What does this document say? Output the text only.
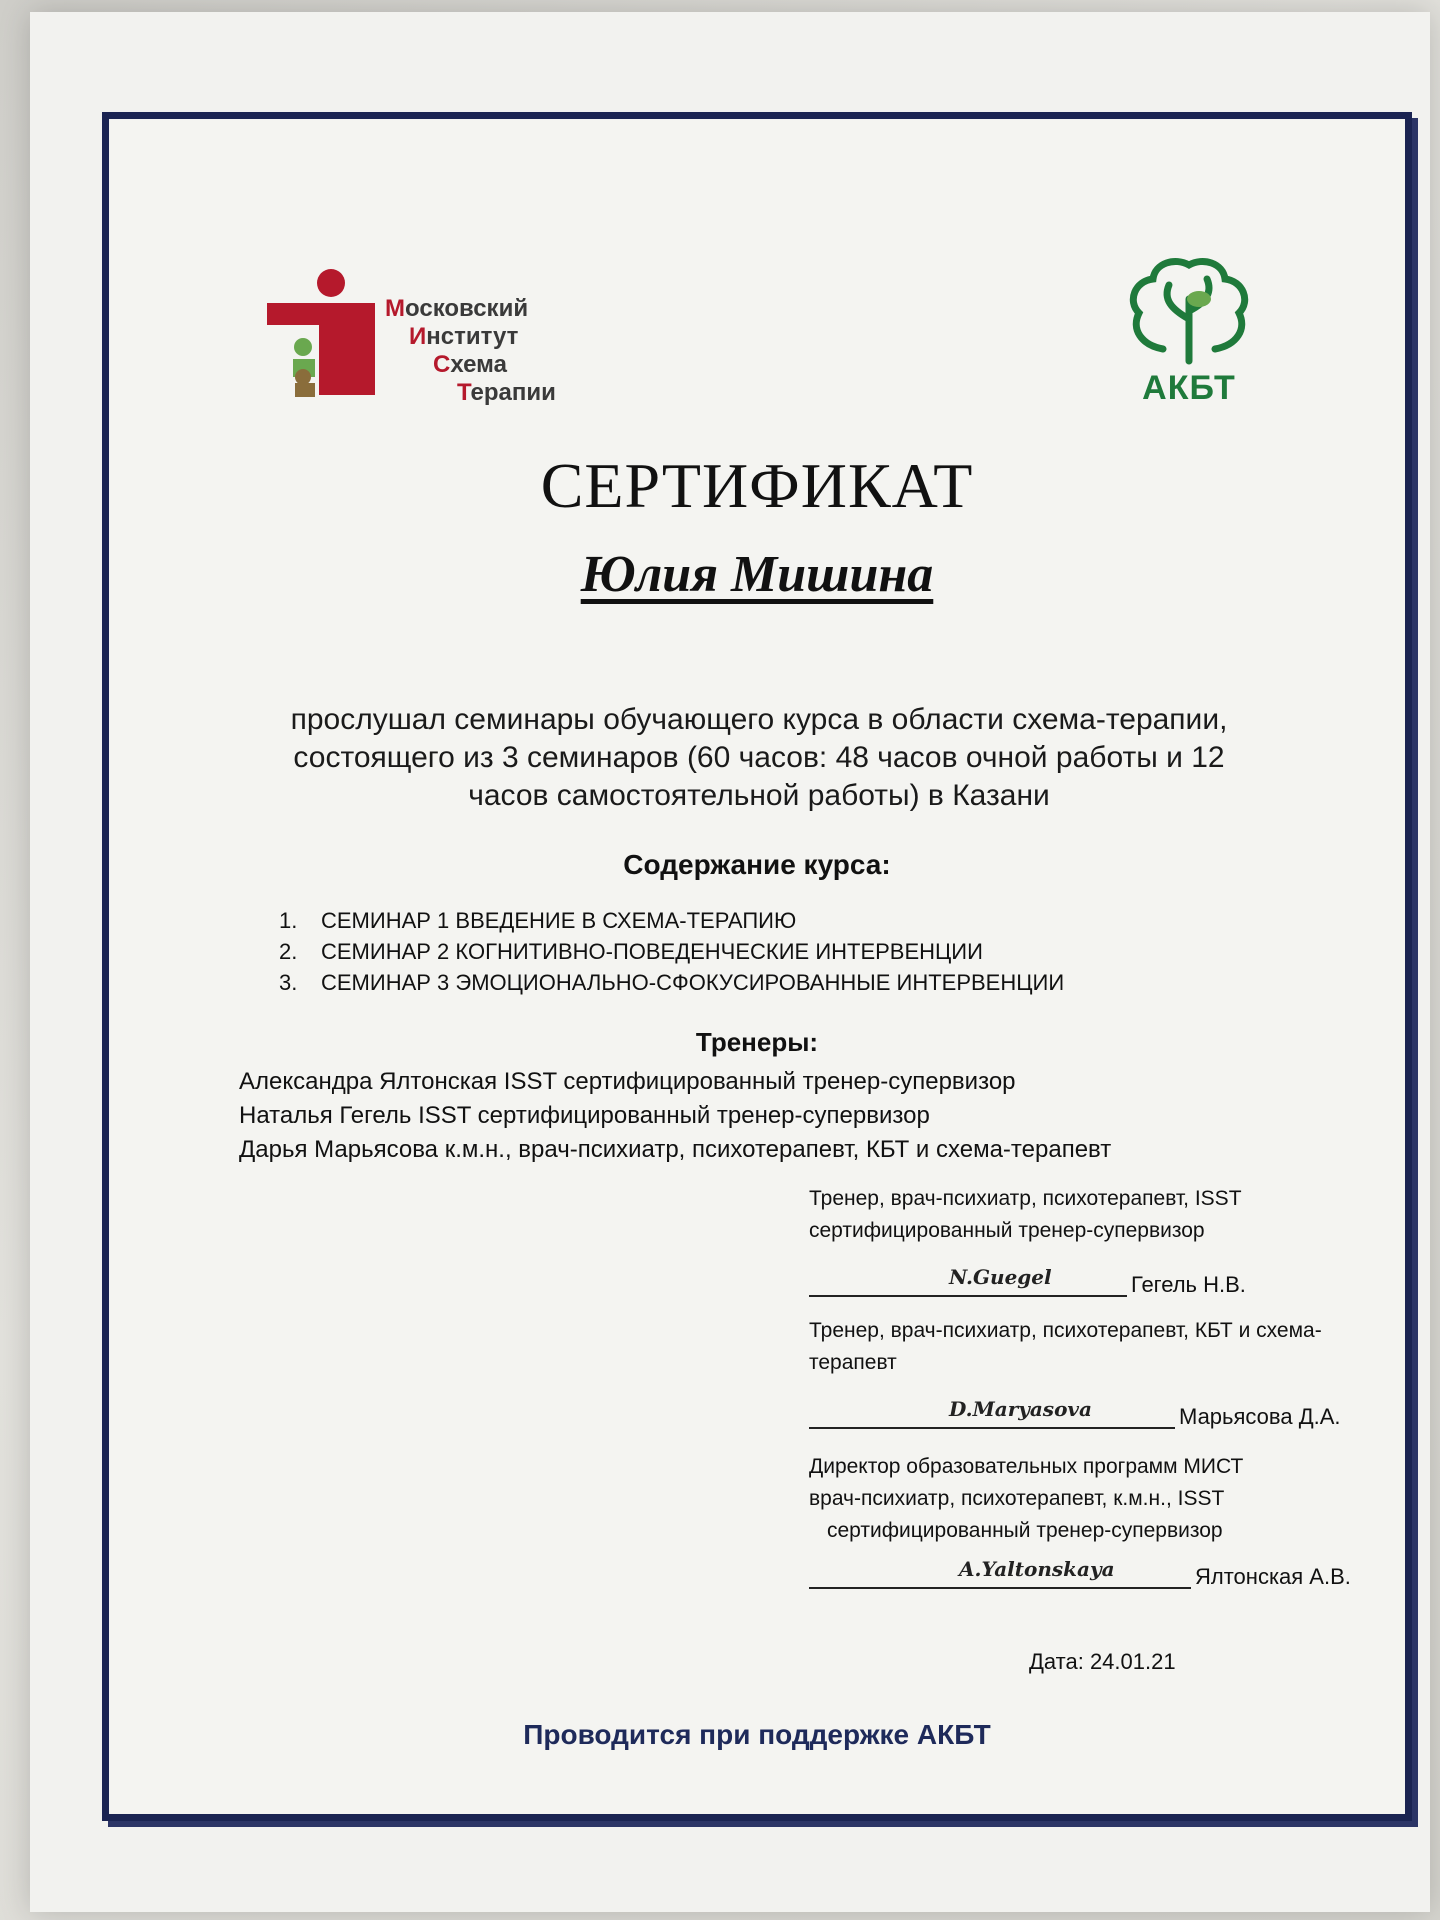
Московский
Институт
Схема
Терапии	АКБТ
СЕРТИФИКАТ
Юлия Мишина
прослушал семинары обучающего курса в области схема-терапии,
состоящего из 3 семинаров (60 часов: 48 часов очной работы и 12
часов самостоятельной работы) в Казани
Содержание курса:
1. СЕМИНАР 1 ВВЕДЕНИЕ В СХЕМА-ТЕРАПИЮ
2. СЕМИНАР 2 КОГНИТИВНО-ПОВЕДЕНЧЕСКИЕ ИНТЕРВЕНЦИИ
3. СЕМИНАР 3 ЭМОЦИОНАЛЬНО-СФОКУСИРОВАННЫЕ ИНТЕРВЕНЦИИ
Тренеры:
Александра Ялтонская ISST сертифицированный тренер-супервизор
Наталья Гегель ISST сертифицированный тренер-супервизор
Дарья Марьясова к.м.н., врач-психиатр, психотерапевт, КБТ и схема-терапевт
Тренер, врач-психиатр, психотерапевт, ISST
сертифицированный тренер-супервизор
N.Guegel	Гегель Н.В.
Тренер, врач-психиатр, психотерапевт, КБТ и схема-
терапевт
D.Maryasova	Марьясова Д.А.
Директор образовательных программ МИСТ
врач-психиатр, психотерапевт, к.м.н., ISST
сертифицированный тренер-супервизор
A.Yaltonskaya	Ялтонская А.В.
Дата: 24.01.21
Проводится при поддержке АКБТ
